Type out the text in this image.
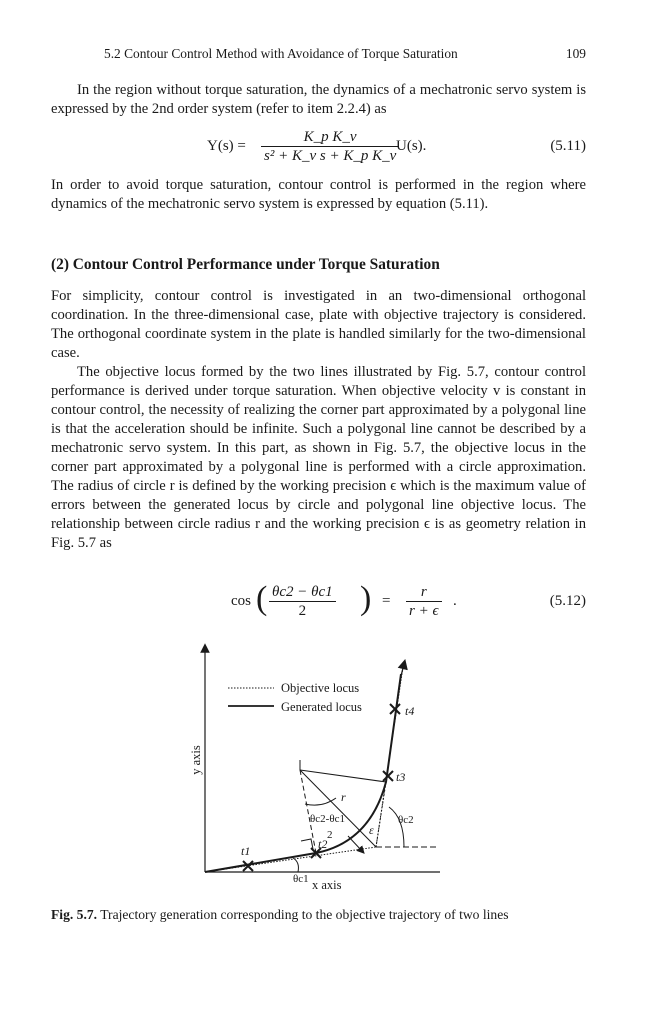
5.2 Contour Control Method with Avoidance of Torque Saturation	109
In the region without torque saturation, the dynamics of a mechatronic servo system is expressed by the 2nd order system (refer to item 2.2.4) as
$Y(s) = \frac{\text{K\_p K\_v}}{\text{s² + K\_v s + K\_p K\_v}}$
U(s).	(5.11)
In order to avoid torque saturation, contour control is performed in the region where dynamics of the mechatronic servo system is expressed by equation (5.11).
(2) Contour Control Performance under Torque Saturation
For simplicity, contour control is investigated in an two-dimensional orthogonal coordination. In the three-dimensional case, plate with objective trajectory is considered. The orthogonal coordinate system in the plate is handled similarly for the two-dimensional case.
The objective locus formed by the two lines illustrated by Fig. 5.7, contour control performance is derived under torque saturation. When objective velocity v is constant in contour control, the necessity of realizing the corner part approximated by a polygonal line is that the acceleration should be infinite. Such a polygonal line cannot be described by a mechatronic servo system. In this part, as shown in Fig. 5.7, the objective locus in the corner part approximated by a polygonal line is performed with a circle approximation. The radius of circle r is defined by the working precision ϵ which is the maximum value of errors between the generated locus by circle and polygonal line objective locus. The relationship between circle radius r and the working precision ϵ is as geometry relation in Fig. 5.7 as
cos ( $\frac{\theta c2 - \theta c1}{2}$ ) = $\frac{r}{r + \epsilon}$ .	(5.12)
Objective locus
Generated locus
t1	t2
t3
t4
r
ε
θc2-θc1
2
θc2
θc1 x axis
y axis
Fig. 5.7. Trajectory generation corresponding to the objective trajectory of two lines
